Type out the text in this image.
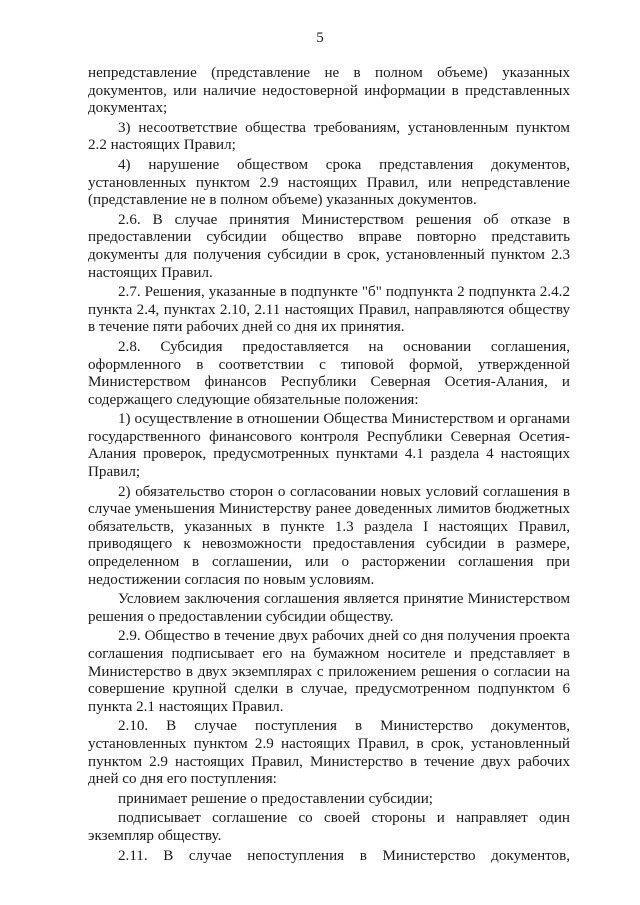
5

непредставление (представление не в полном объеме) указанных документов, или наличие недостоверной информации в представленных документах;

3) несоответствие общества требованиям, установленным пунктом 2.2 настоящих Правил;

4) нарушение обществом срока представления документов, установленных пунктом 2.9 настоящих Правил, или непредставление (представление не в полном объеме) указанных документов.

2.6. В случае принятия Министерством решения об отказе в предоставлении субсидии общество вправе повторно представить документы для получения субсидии в срок, установленный пунктом 2.3 настоящих Правил.

2.7. Решения, указанные в подпункте "б" подпункта 2 подпункта 2.4.2 пункта 2.4, пунктах 2.10, 2.11 настоящих Правил, направляются обществу в течение пяти рабочих дней со дня их принятия.

2.8. Субсидия предоставляется на основании соглашения, оформленного в соответствии с типовой формой, утвержденной Министерством финансов Республики Северная Осетия-Алания, и содержащего следующие обязательные положения:

1) осуществление в отношении Общества Министерством и органами государственного финансового контроля Республики Северная Осетия-Алания проверок, предусмотренных пунктами 4.1 раздела 4 настоящих Правил;

2) обязательство сторон о согласовании новых условий соглашения в случае уменьшения Министерству ранее доведенных лимитов бюджетных обязательств, указанных в пункте 1.3 раздела I настоящих Правил, приводящего к невозможности предоставления субсидии в размере, определенном в соглашении, или о расторжении соглашения при недостижении согласия по новым условиям.

Условием заключения соглашения является принятие Министерством решения о предоставлении субсидии обществу.

2.9. Общество в течение двух рабочих дней со дня получения проекта соглашения подписывает его на бумажном носителе и представляет в Министерство в двух экземплярах с приложением решения о согласии на совершение крупной сделки в случае, предусмотренном подпунктом 6 пункта 2.1 настоящих Правил.

2.10. В случае поступления в Министерство документов, установленных пунктом 2.9 настоящих Правил, в срок, установленный пунктом 2.9 настоящих Правил, Министерство в течение двух рабочих дней со дня его поступления:

принимает решение о предоставлении субсидии;

подписывает соглашение со своей стороны и направляет один экземпляр обществу.

2.11. В случае непоступления в Министерство документов,
